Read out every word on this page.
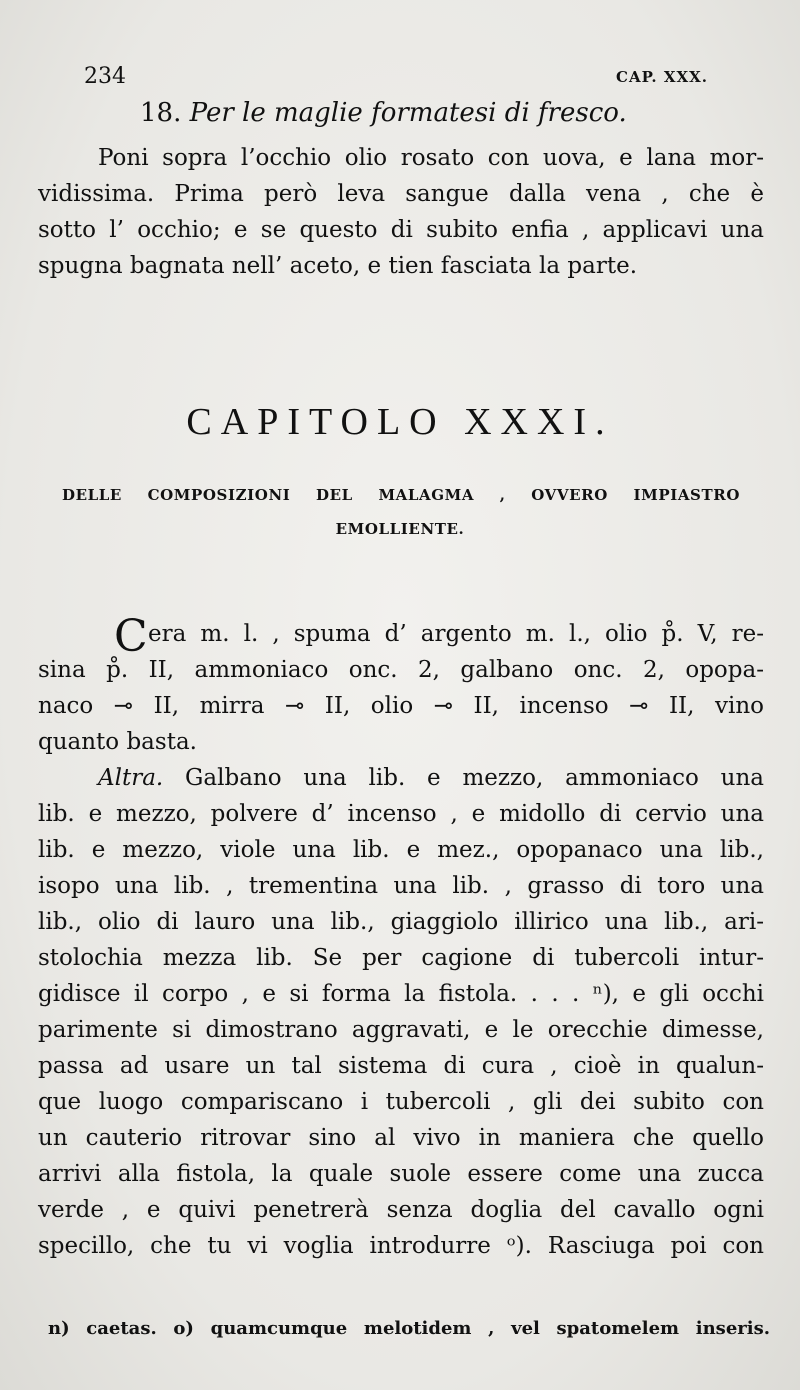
234	CAP. XXX.
18. Per le maglie formatesi di fresco.
Poni sopra l’occhio olio rosato con uova, e lana mor-
vidissima. Prima però leva sangue dalla vena , che è
sotto l’ occhio; e se questo di subito enfia , applicavi una
spugna bagnata nell’ aceto, e tien fasciata la parte.
CAPITOLO XXXI.
DELLE COMPOSIZIONI DEL MALAGMA , OVVERO IMPIASTRO
EMOLLIENTE.
C era m. l. , spuma d’ argento m. l., olio p̊. V, re-
sina p̊. II, ammoniaco onc. 2, galbano onc. 2, opopa-
naco ⊸ II, mirra ⊸ II, olio ⊸ II, incenso ⊸ II, vino
quanto basta.
Altra. Galbano una lib. e mezzo, ammoniaco una
lib. e mezzo, polvere d’ incenso , e midollo di cervio una
lib. e mezzo, viole una lib. e mez., opopanaco una lib.,
isopo una lib. , trementina una lib. , grasso di toro una
lib., olio di lauro una lib., giaggiolo illirico una lib., ari-
stolochia mezza lib. Se per cagione di tubercoli intur-
gidisce il corpo , e si forma la fistola. . . . ⁿ), e gli occhi
parimente si dimostrano aggravati, e le orecchie dimesse,
passa ad usare un tal sistema di cura , cioè in qualun-
que luogo compariscano i tubercoli , gli dei subito con
un cauterio ritrovar sino al vivo in maniera che quello
arrivi alla fistola, la quale suole essere come una zucca
verde , e quivi penetrerà senza doglia del cavallo ogni
specillo, che tu vi voglia introdurre ᵒ). Rasciuga poi con
n) caetas. o) quamcumque melotidem , vel spatomelem inseris.
